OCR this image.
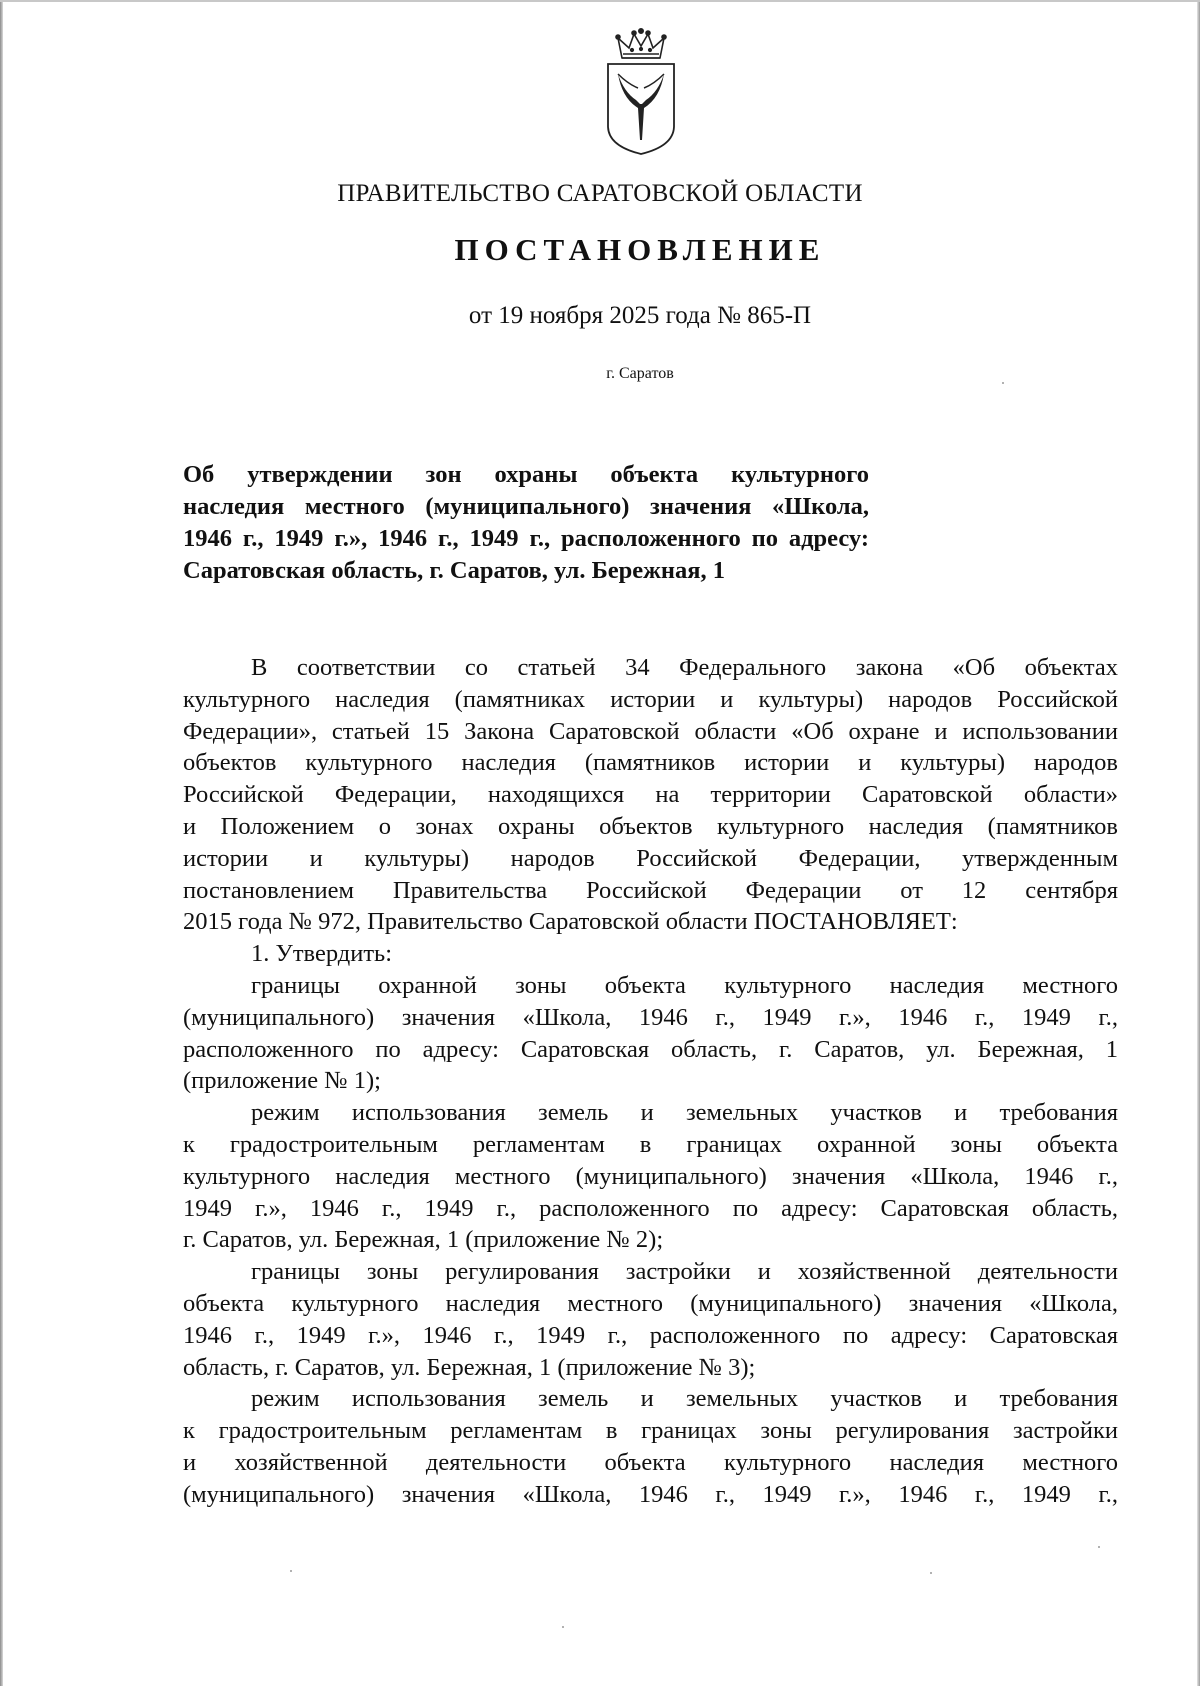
ПРАВИТЕЛЬСТВО САРАТОВСКОЙ ОБЛАСТИ
ПОСТАНОВЛЕНИЕ
от 19 ноября 2025 года № 865-П
г. Саратов
Об утверждении зон охраны объекта культурного
наследия местного (муниципального) значения «Школа,
1946 г., 1949 г.», 1946 г., 1949 г., расположенного по адресу:
Саратовская область, г. Саратов, ул. Бережная, 1
В соответствии со статьей 34 Федерального закона «Об объектах
культурного наследия (памятниках истории и культуры) народов Российской
Федерации», статьей 15 Закона Саратовской области «Об охране и использовании
объектов культурного наследия (памятников истории и культуры) народов
Российской Федерации, находящихся на территории Саратовской области»
и Положением о зонах охраны объектов культурного наследия (памятников
истории и культуры) народов Российской Федерации, утвержденным
постановлением Правительства Российской Федерации от 12 сентября
2015 года № 972, Правительство Саратовской области ПОСТАНОВЛЯЕТ:
1. Утвердить:
границы охранной зоны объекта культурного наследия местного
(муниципального) значения «Школа, 1946 г., 1949 г.», 1946 г., 1949 г.,
расположенного по адресу: Саратовская область, г. Саратов, ул. Бережная, 1
(приложение № 1);
режим использования земель и земельных участков и требования
к градостроительным регламентам в границах охранной зоны объекта
культурного наследия местного (муниципального) значения «Школа, 1946 г.,
1949 г.», 1946 г., 1949 г., расположенного по адресу: Саратовская область,
г. Саратов, ул. Бережная, 1 (приложение № 2);
границы зоны регулирования застройки и хозяйственной деятельности
объекта культурного наследия местного (муниципального) значения «Школа,
1946 г., 1949 г.», 1946 г., 1949 г., расположенного по адресу: Саратовская
область, г. Саратов, ул. Бережная, 1 (приложение № 3);
режим использования земель и земельных участков и требования
к градостроительным регламентам в границах зоны регулирования застройки
и хозяйственной деятельности объекта культурного наследия местного
(муниципального) значения «Школа, 1946 г., 1949 г.», 1946 г., 1949 г.,
